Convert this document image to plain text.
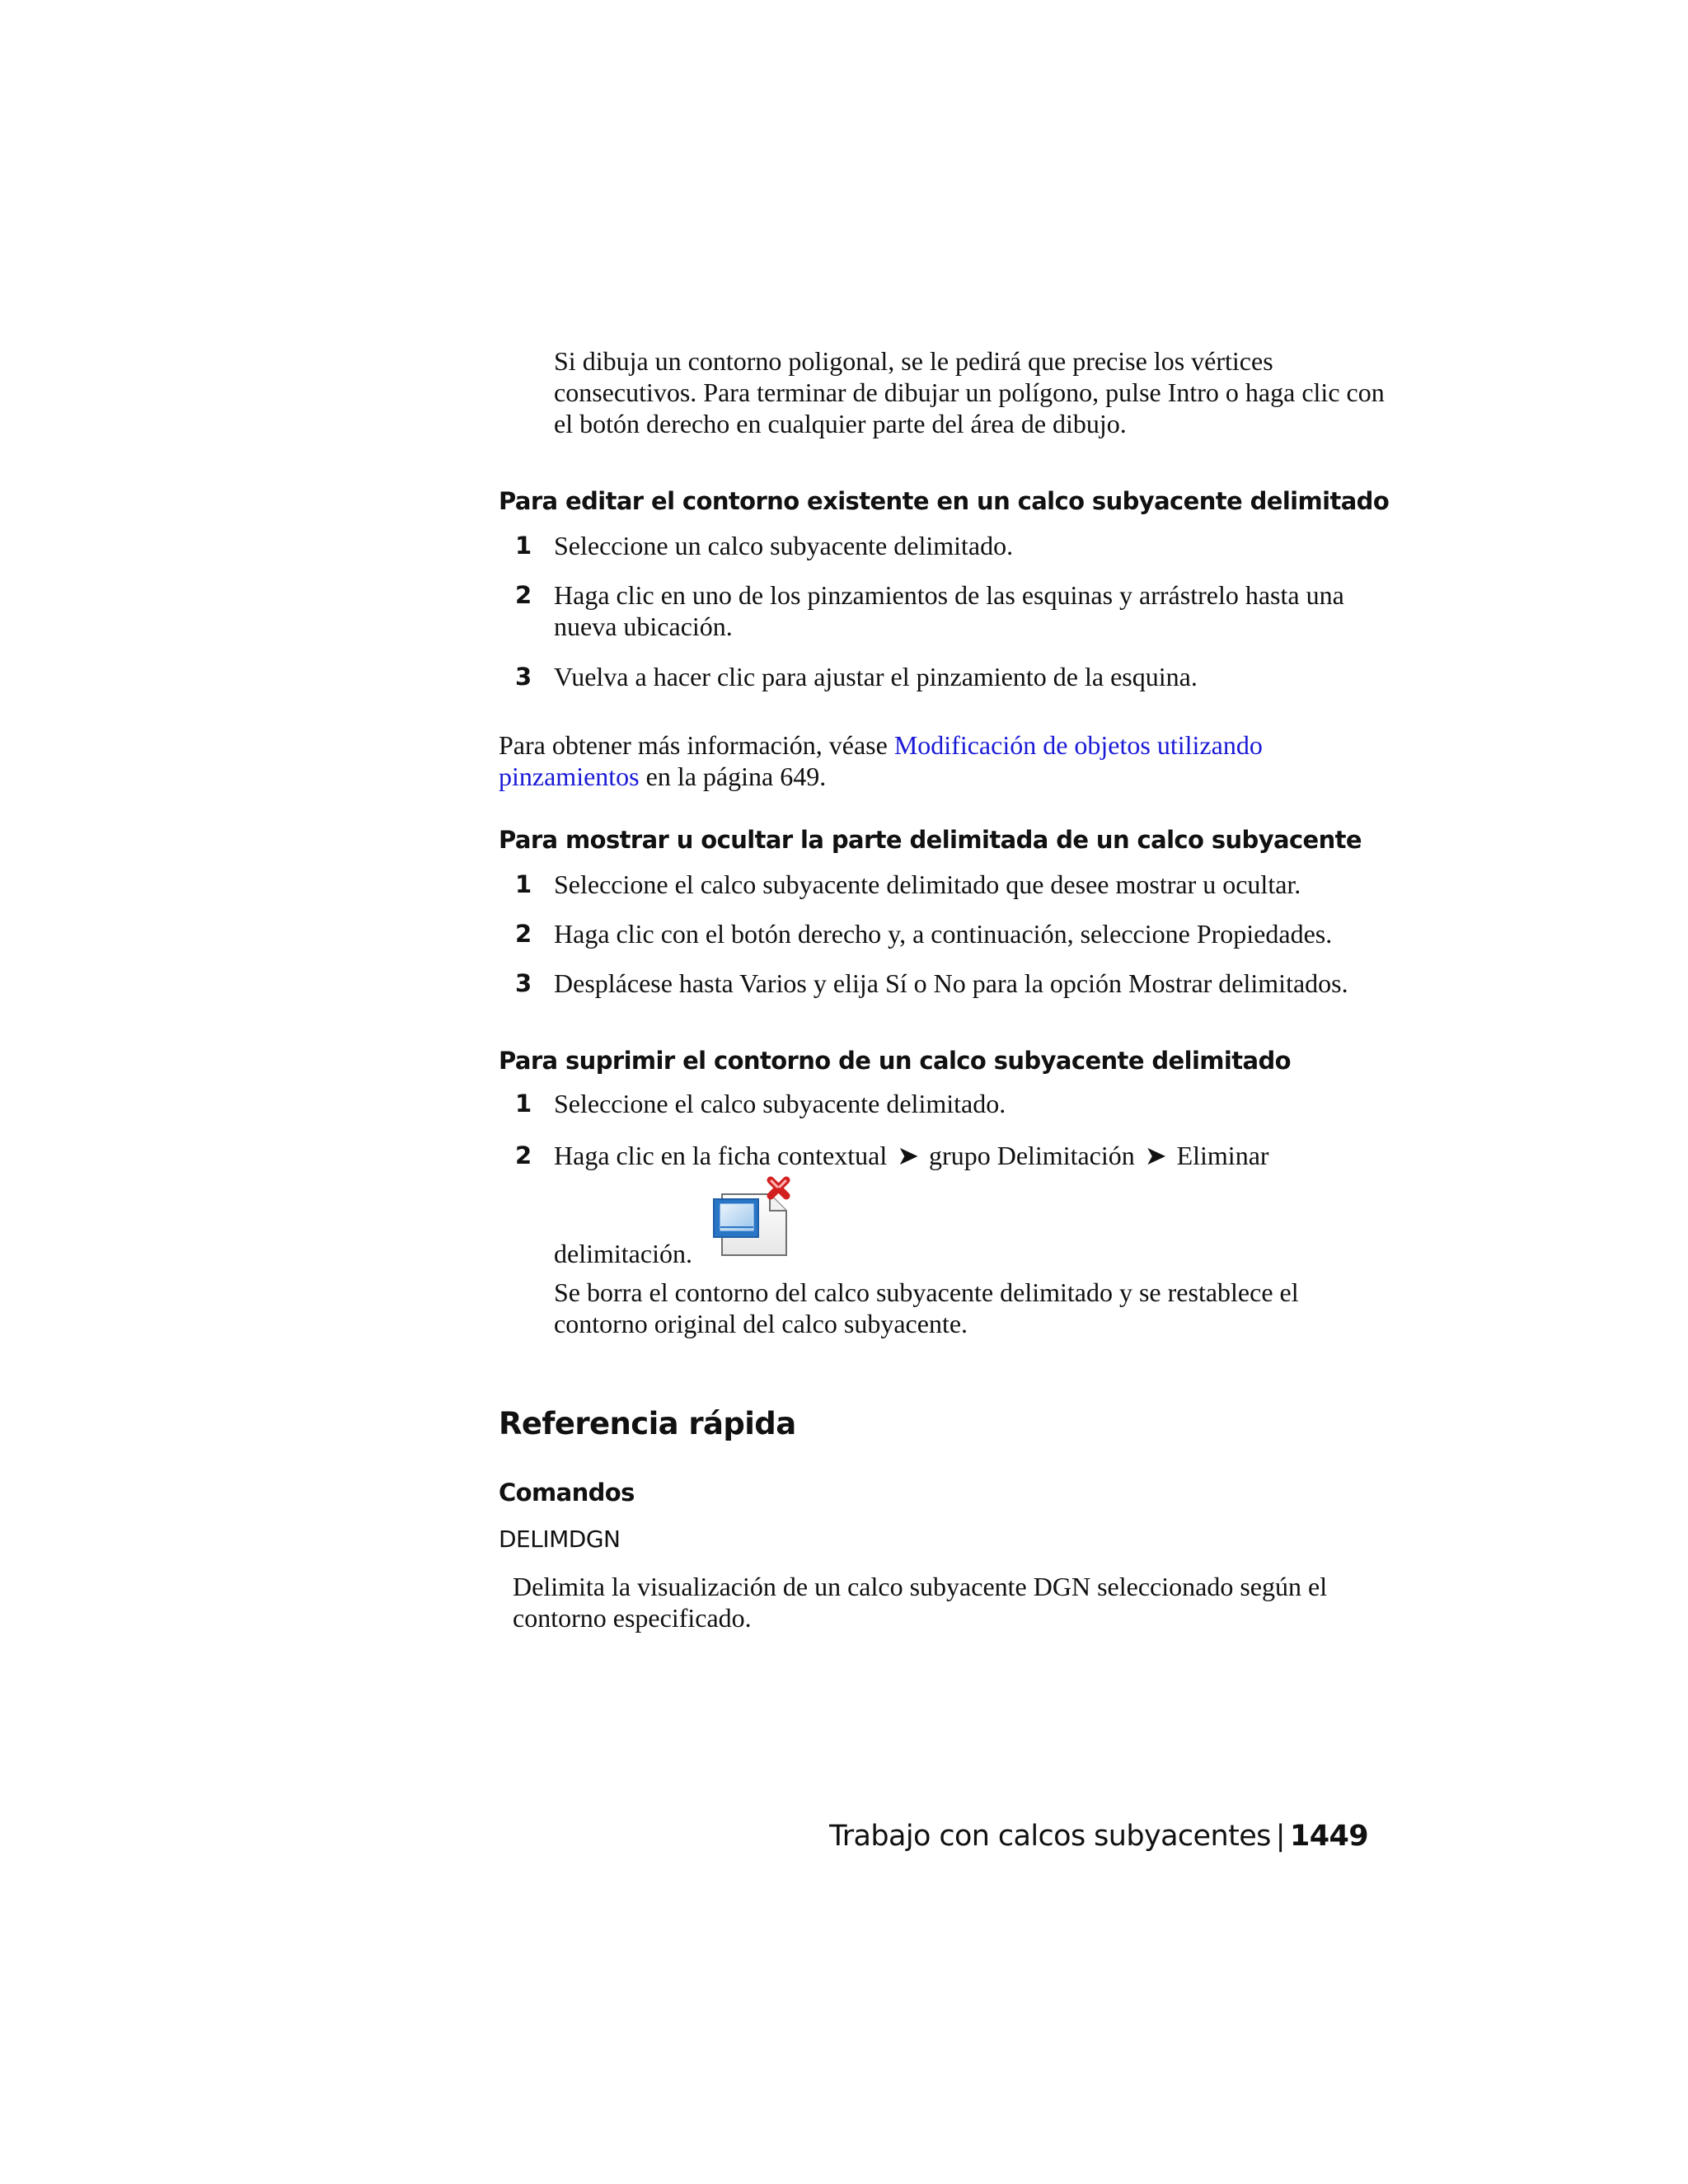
Si dibuja un contorno poligonal, se le pedirá que precise los vértices consecutivos. Para terminar de dibujar un polígono, pulse Intro o haga clic con el botón derecho en cualquier parte del área de dibujo.

Para editar el contorno existente en un calco subyacente delimitado
1 Seleccione un calco subyacente delimitado.
2 Haga clic en uno de los pinzamientos de las esquinas y arrástrelo hasta una nueva ubicación.
3 Vuelva a hacer clic para ajustar el pinzamiento de la esquina.

Para obtener más información, véase Modificación de objetos utilizando pinzamientos en la página 649.

Para mostrar u ocultar la parte delimitada de un calco subyacente
1 Seleccione el calco subyacente delimitado que desee mostrar u ocultar.
2 Haga clic con el botón derecho y, a continuación, seleccione Propiedades.
3 Desplácese hasta Varios y elija Sí o No para la opción Mostrar delimitados.
Para suprimir el contorno de un calco subyacente delimitado
1 Seleccione el calco subyacente delimitado.
2 Haga clic en la ficha contextual ➤ grupo Delimitación ➤ Eliminar
delimitación.

Se borra el contorno del calco subyacente delimitado y se restablece el contorno original del calco subyacente.

Referencia rápida
Comandos
DELIMDGN

Delimita la visualización de un calco subyacente DGN seleccionado según el contorno especificado.

Trabajo con calcos subyacentes | 1449
